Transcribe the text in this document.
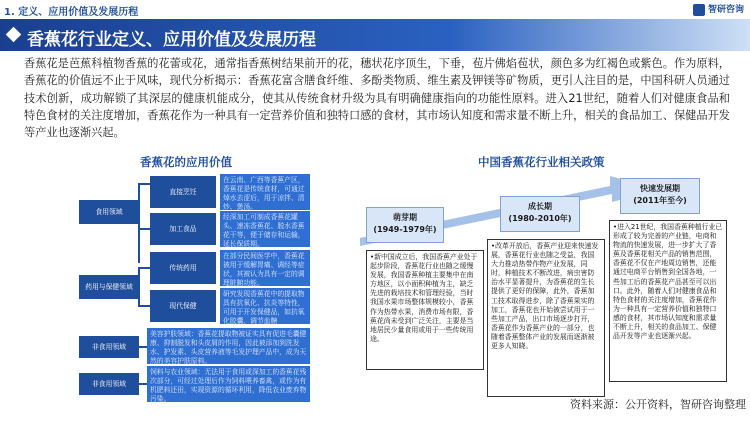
1. 定义、应用价值及发展历程	智研咨询
香蕉花行业定义、应用价值及发展历程
香蕉花是芭蕉科植物香蕉的花蕾或花，通常指香蕉树结果前开的花，穗状花序顶生，下垂，苞片佛焰苞状，颜色多为红褐色或紫色。作为原料，香蕉花的价值远不止于风味，现代分析揭示：香蕉花富含膳食纤维、多酚类物质、维生素及钾镁等矿物质，更引人注目的是，中国科研人员通过技术创新，成功解锁了其深层的健康机能成分，使其从传统食材升级为具有明确健康指向的功能性原料。进入21世纪，随着人们对健康食品和特色食材的关注度增加，香蕉花作为一种具有一定营养价值和独特口感的食材，其市场认知度和需求量不断上升，相关的食品加工、保健品开发等产业也逐渐兴起。
香蕉花的应用价值
食用领域
直接烹饪
在云南、广西等香蕉产区，香蕉花是传统食材，可通过焯水去涩后，用于凉拌、清炒、煲汤。
加工食品
经深加工可制成香蕉花罐头、速冻香蕉花、脱水香蕉花干等，便于储存和运输，延长保质期。
药用与保健领域
传统药用
在部分民间医学中，香蕉花被用于缓解胃痛、调经等症状，其被认为具有一定的调理脏腑功能。
现代保健
研究发现香蕉花中的提取物具有抗氧化、抗炎等特性，可用于开发保健品，如抗氧化胶囊、调节血糖
非食用领域
美容护肤领域：香蕉花提取物被证实具有促进毛囊健康、抑制脱发和头皮屑的作用，因此被添加到洗发水、护发素、头皮营养液等毛发护理产品中，成为天然的美容护肤原料。
非食用领域
饲料与农业领域：无法用于食用或深加工的香蕉花残次部分，可经过处理后作为饲料喂养畜禽，或作为有机肥料还田，实现资源的循环利用，降低农业废弃物污染。
中国香蕉花行业相关政策
萌芽期
(1949-1979年)
成长期
(1980-2010年)
快速发展期
(2011年至今)
•新中国成立后，我国香蕉产业处于起步阶段，香蕉花行业也随之缓慢发展，我国香蕉种植主要集中在南方地区，以小面积种植为主，缺乏先进的栽培技术和管理经验，当时我国水果市场整体规模较小，香蕉作为热带水果，消费市场有限，香蕉花尚未受到广泛关注，主要是当地居民少量食用或用于一些传统用途。
•改革开放后，香蕉产业迎来快速发展，香蕉花行业也随之受益，我国大力推动热带作物产业发展，同时，种植技术不断改进，病虫害防治水平显著提升，为香蕉花的生长提供了更好的保障，此外，香蕉加工技术取得进步，除了香蕉果实的加工，香蕉花也开始被尝试用于一些加工产品，出口市场逐步打开，香蕉花作为香蕉产业的一部分，也随着香蕉整体产业的发展而逐渐被更多人知晓。
•进入21世纪，我国香蕉种植行业已形成了较为完善的产业链，电商和物流的快速发展，进一步扩大了香蕉及香蕉花相关产品的销售范围，香蕉花不仅在产地周边销售，还能通过电商平台销售到全国各地，一些加工后的香蕉花产品甚至可以出口。此外，随着人们对健康食品和特色食材的关注度增加，香蕉花作为一种具有一定营养价值和独特口感的食材，其市场认知度和需求量不断上升，相关的食品加工、保健品开发等产业也逐渐兴起。
资料来源：公开资料，智研咨询整理
